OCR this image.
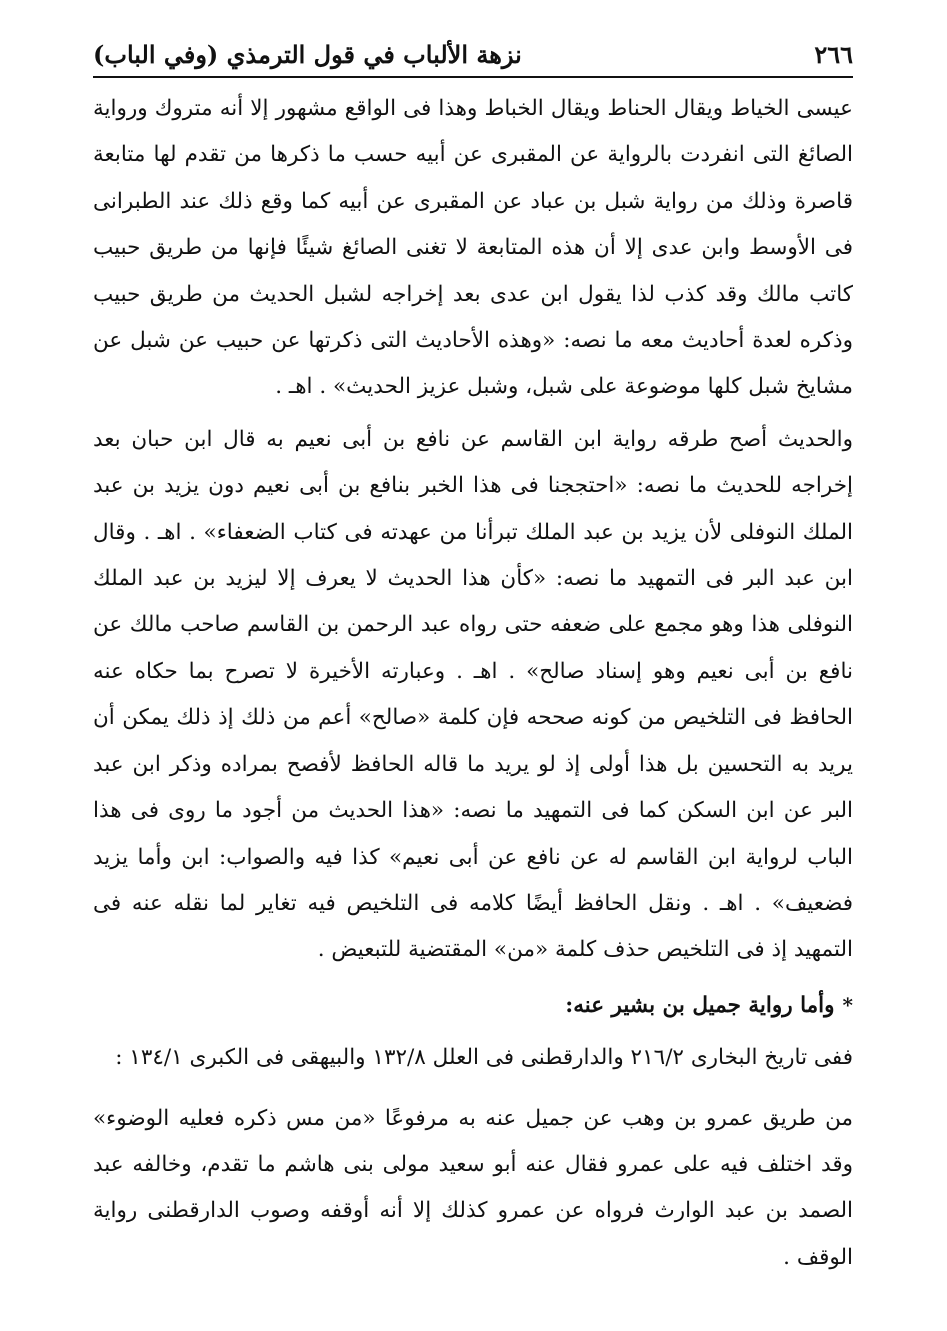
٢٦٦
نزهة الألباب في قول الترمذي (وفي الباب)

عيسى الخياط ويقال الحناط ويقال الخباط وهذا فى الواقع مشهور إلا أنه متروك ورواية الصائغ التى انفردت بالرواية عن المقبرى عن أبيه حسب ما ذكرها من تقدم لها متابعة قاصرة وذلك من رواية شبل بن عباد عن المقبرى عن أبيه كما وقع ذلك عند الطبرانى فى الأوسط وابن عدى إلا أن هذه المتابعة لا تغنى الصائغ شيئًا فإنها من طريق حبيب كاتب مالك وقد كذب لذا يقول ابن عدى بعد إخراجه لشبل الحديث من طريق حبيب وذكره لعدة أحاديث معه ما نصه: «وهذه الأحاديث التى ذكرتها عن حبيب عن شبل عن مشايخ شبل كلها موضوعة على شبل، وشبل عزيز الحديث» . اهـ .

والحديث أصح طرقه رواية ابن القاسم عن نافع بن أبى نعيم به قال ابن حبان بعد إخراجه للحديث ما نصه: «احتججنا فى هذا الخبر بنافع بن أبى نعيم دون يزيد بن عبد الملك النوفلى لأن يزيد بن عبد الملك تبرأنا من عهدته فى كتاب الضعفاء» . اهـ . وقال ابن عبد البر فى التمهيد ما نصه: «كأن هذا الحديث لا يعرف إلا ليزيد بن عبد الملك النوفلى هذا وهو مجمع على ضعفه حتى رواه عبد الرحمن بن القاسم صاحب مالك عن نافع بن أبى نعيم وهو إسناد صالح» . اهـ . وعبارته الأخيرة لا تصرح بما حكاه عنه الحافظ فى التلخيص من كونه صححه فإن كلمة «صالح» أعم من ذلك إذ ذلك يمكن أن يريد به التحسين بل هذا أولى إذ لو يريد ما قاله الحافظ لأفصح بمراده وذكر ابن عبد البر عن ابن السكن كما فى التمهيد ما نصه: «هذا الحديث من أجود ما روى فى هذا الباب لرواية ابن القاسم له عن نافع عن أبى نعيم» كذا فيه والصواب: ابن وأما يزيد فضعيف» . اهـ . ونقل الحافظ أيضًا كلامه فى التلخيص فيه تغاير لما نقله عنه فى التمهيد إذ فى التلخيص حذف كلمة «من» المقتضية للتبعيض .

*وأما رواية جميل بن بشير عنه:

ففى تاريخ البخارى ٢١٦/٢ والدارقطنى فى العلل ١٣٢/٨ والبيهقى فى الكبرى ١٣٤/١ :

من طريق عمرو بن وهب عن جميل عنه به مرفوعًا «من مس ذكره فعليه الوضوء» وقد اختلف فيه على عمرو فقال عنه أبو سعيد مولى بنى هاشم ما تقدم، وخالفه عبد الصمد بن عبد الوارث فرواه عن عمرو كذلك إلا أنه أوقفه وصوب الدارقطنى رواية الوقف .
